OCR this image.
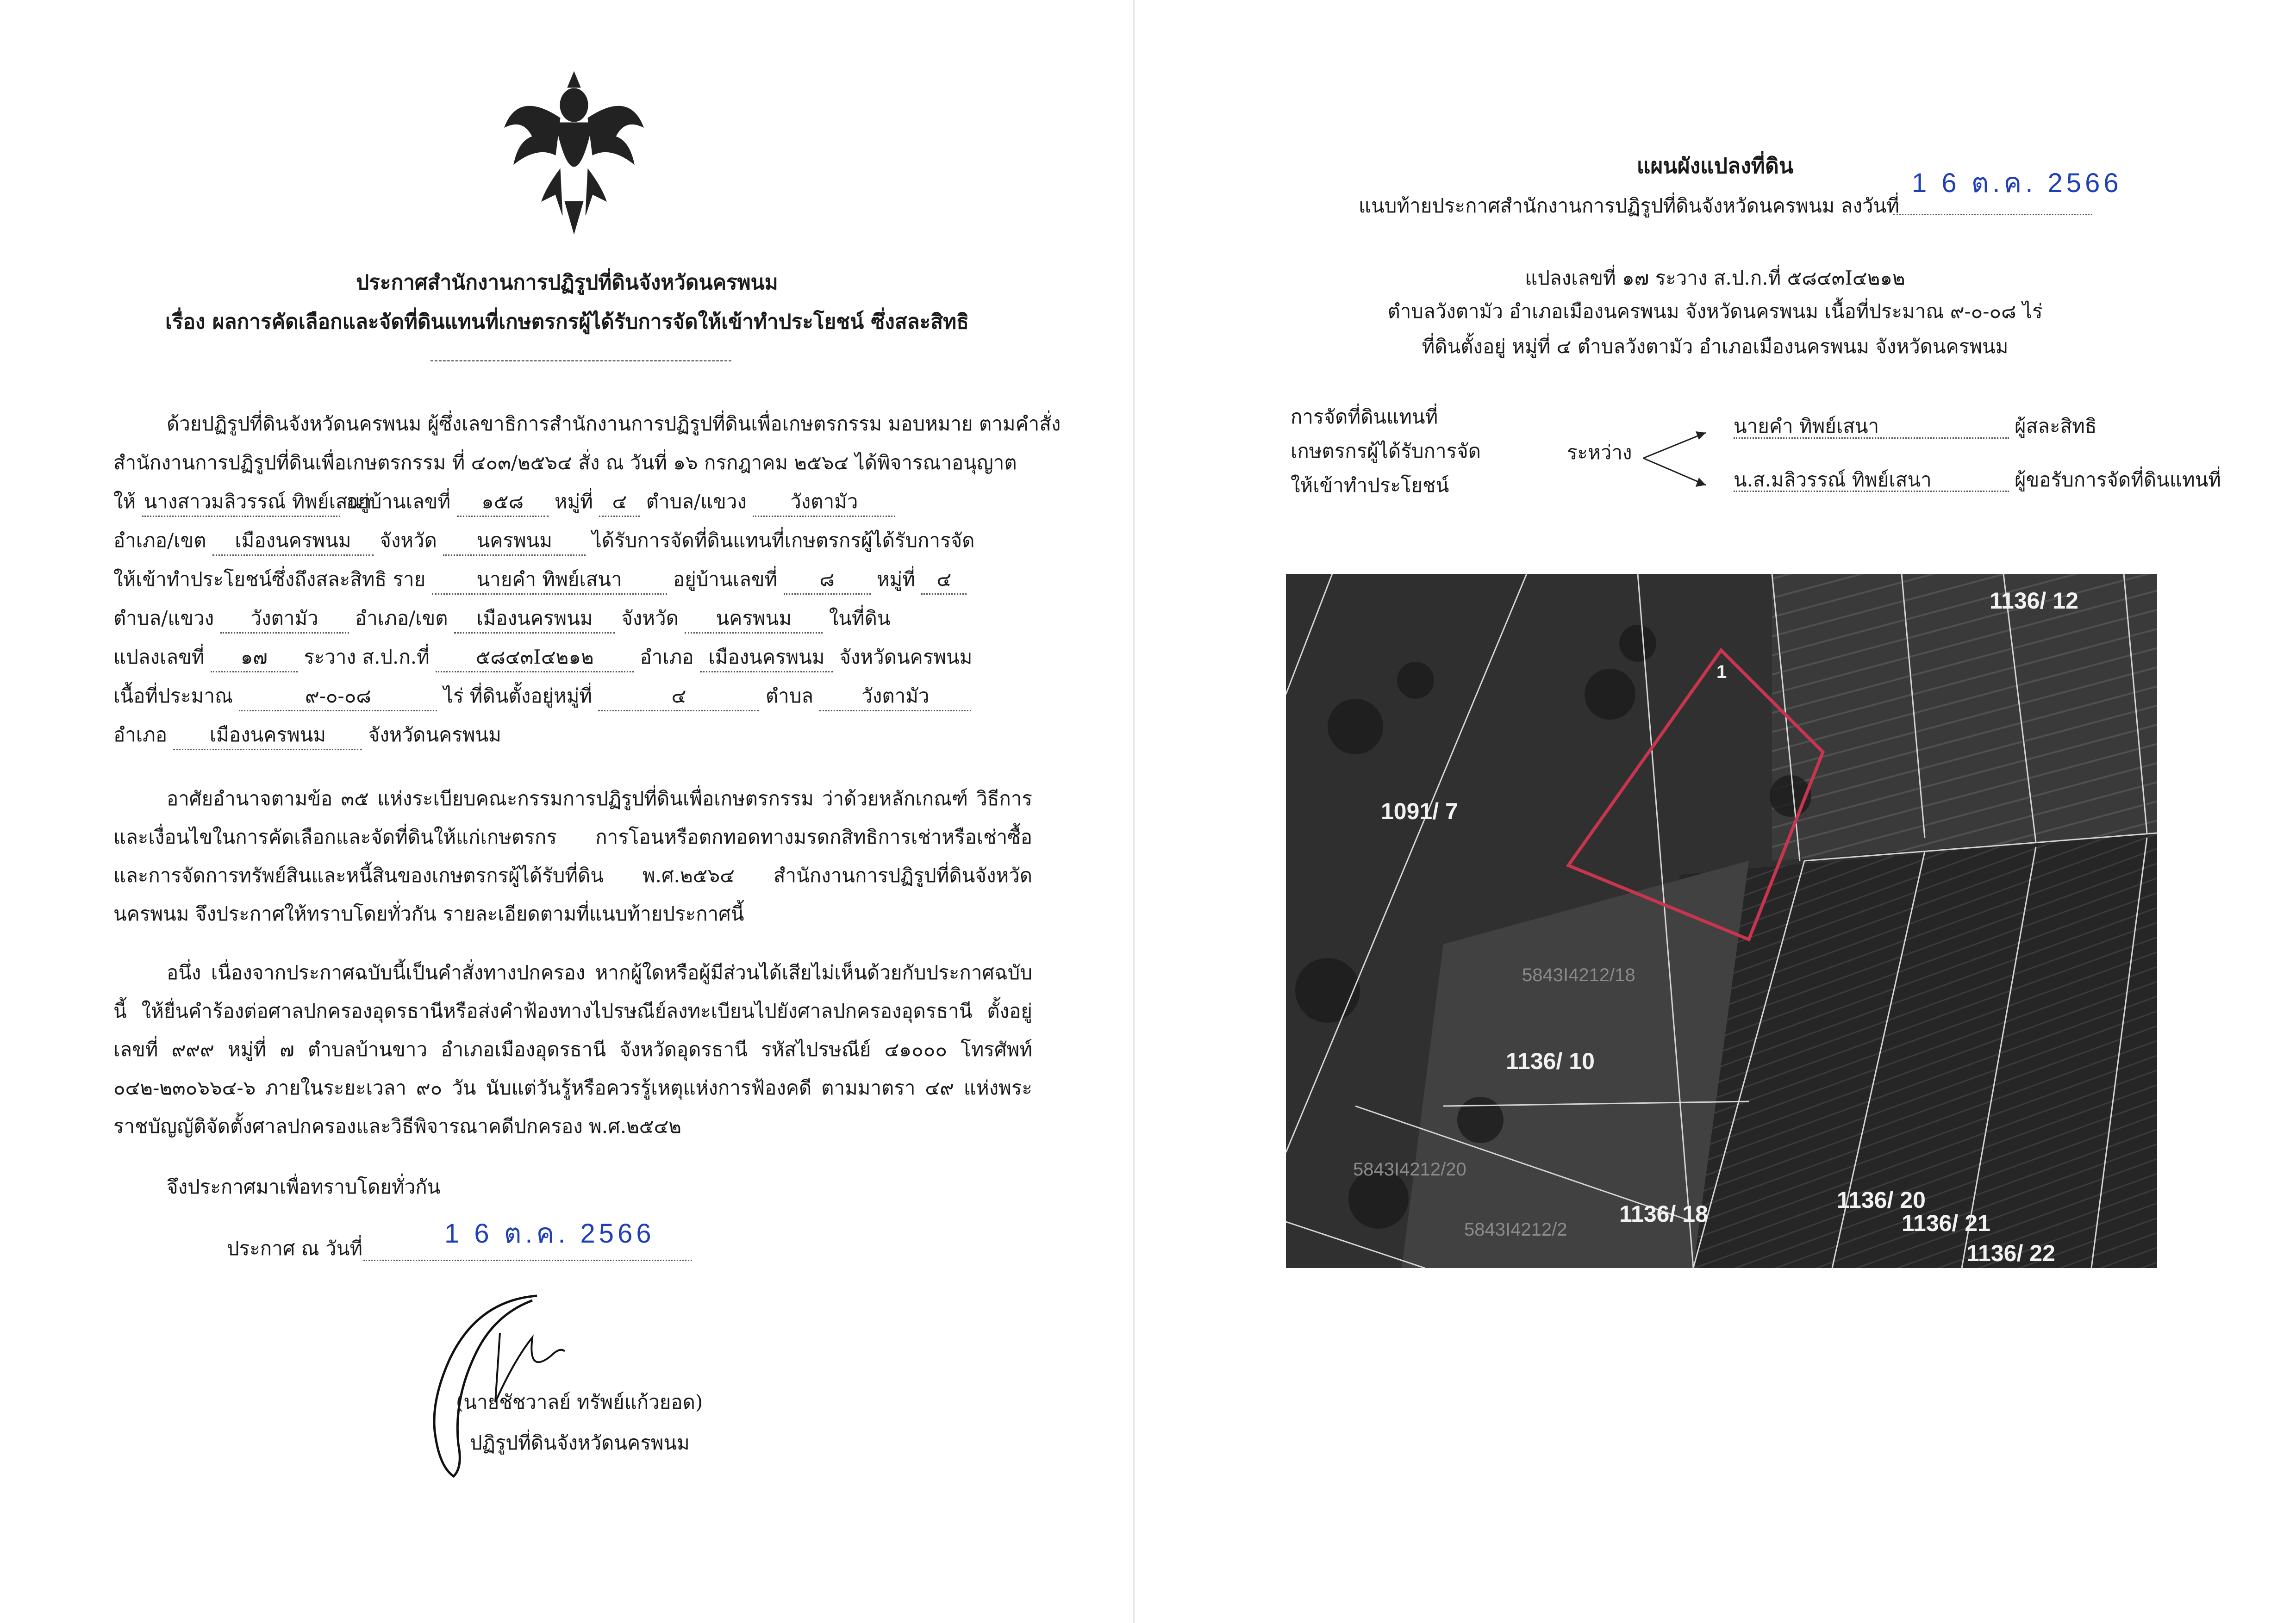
ประกาศสำนักงานการปฏิรูปที่ดินจังหวัดนครพนม
เรื่อง ผลการคัดเลือกและจัดที่ดินแทนที่เกษตรกรผู้ได้รับการจัดให้เข้าทำประโยชน์ ซึ่งสละสิทธิ
ด้วยปฏิรูปที่ดินจังหวัดนครพนม ผู้ซึ่งเลขาธิการสำนักงานการปฏิรูปที่ดินเพื่อเกษตรกรรม มอบหมาย ตามคำสั่ง
สำนักงานการปฏิรูปที่ดินเพื่อเกษตรกรรม ที่ ๔๐๓/๒๕๖๔ สั่ง ณ วันที่ ๑๖ กรกฎาคม ๒๕๖๔ ได้พิจารณาอนุญาต
ให้ นางสาวมลิวรรณ์ ทิพย์เสนา อยู่บ้านเลขที่ ๑๕๘ หมู่ที่ ๔ ตำบล/แขวง วังตามัว
อำเภอ/เขต เมืองนครพนม จังหวัด นครพนม ได้รับการจัดที่ดินแทนที่เกษตรกรผู้ได้รับการจัด
ให้เข้าทำประโยชน์ซึ่งถึงสละสิทธิ ราย	นายคำ ทิพย์เสนา	อยู่บ้านเลขที่ ๘ หมู่ที่ ๔
ตำบล/แขวง วังตามัว อำเภอ/เขต เมืองนครพนม จังหวัด นครพนม ในที่ดิน
แปลงเลขที่ ๑๗ ระวาง ส.ป.ก.ที่ ๕๘๔๓I๔๒๑๒ อำเภอ เมืองนครพนม จังหวัดนครพนม
เนื้อที่ประมาณ	๙-๐-๐๘	ไร่ ที่ดินตั้งอยู่หมู่ที่	๔	ตำบล วังตามัว
อำเภอ เมืองนครพนม จังหวัดนครพนม
อาศัยอำนาจตามข้อ ๓๕ แห่งระเบียบคณะกรรมการปฏิรูปที่ดินเพื่อเกษตรกรรม ว่าด้วยหลักเกณฑ์ วิธีการ และเงื่อนไขในการคัดเลือกและจัดที่ดินให้แก่เกษตรกร การโอนหรือตกทอดทางมรดกสิทธิการเช่าหรือเช่าซื้อ และการจัดการทรัพย์สินและหนี้สินของเกษตรกรผู้ได้รับที่ดิน พ.ศ.๒๕๖๔ สำนักงานการปฏิรูปที่ดินจังหวัดนครพนม จึงประกาศให้ทราบโดยทั่วกัน รายละเอียดตามที่แนบท้ายประกาศนี้
อนึ่ง เนื่องจากประกาศฉบับนี้เป็นคำสั่งทางปกครอง หากผู้ใดหรือผู้มีส่วนได้เสียไม่เห็นด้วยกับประกาศฉบับนี้ ให้ยื่นคำร้องต่อศาลปกครองอุดรธานีหรือส่งคำฟ้องทางไปรษณีย์ลงทะเบียนไปยังศาลปกครองอุดรธานี ตั้งอยู่เลขที่ ๙๙๙ หมู่ที่ ๗ ตำบลบ้านขาว อำเภอเมืองอุดรธานี จังหวัดอุดรธานี รหัสไปรษณีย์ ๔๑๐๐๐ โทรศัพท์ ๐๔๒-๒๓๐๖๖๔-๖ ภายในระยะเวลา ๙๐ วัน นับแต่วันรู้หรือควรรู้เหตุแห่งการฟ้องคดี ตามมาตรา ๔๙ แห่งพระราชบัญญัติจัดตั้งศาลปกครองและวิธีพิจารณาคดีปกครอง พ.ศ.๒๕๔๒
จึงประกาศมาเพื่อทราบโดยทั่วกัน
ประกาศ ณ วันที่	1 6 ต.ค. 2566
(นายชัชวาลย์ ทรัพย์แก้วยอด)
ปฏิรูปที่ดินจังหวัดนครพนม
แผนผังแปลงที่ดิน
แนบท้ายประกาศสำนักงานการปฏิรูปที่ดินจังหวัดนครพนม ลงวันที่
1 6 ต.ค. 2566
แปลงเลขที่ ๑๗ ระวาง ส.ป.ก.ที่ ๕๘๔๓I๔๒๑๒
ตำบลวังตามัว อำเภอเมืองนครพนม จังหวัดนครพนม เนื้อที่ประมาณ ๙-๐-๐๘ ไร่
ที่ดินตั้งอยู่ หมู่ที่ ๔ ตำบลวังตามัว อำเภอเมืองนครพนม จังหวัดนครพนม
การจัดที่ดินแทนที่
เกษตรกรผู้ได้รับการจัด
ให้เข้าทำประโยชน์
ระหว่าง
นายคำ ทิพย์เสนา	ผู้สละสิทธิ
น.ส.มลิวรรณ์ ทิพย์เสนา	ผู้ขอรับการจัดที่ดินแทนที่
1
1136/ 12
1091/ 7
5843I4212/18
1136/ 10
5843I4212/20
5843I4212/2
1136/ 18
1136/ 20
1136/ 21
1136/ 22
